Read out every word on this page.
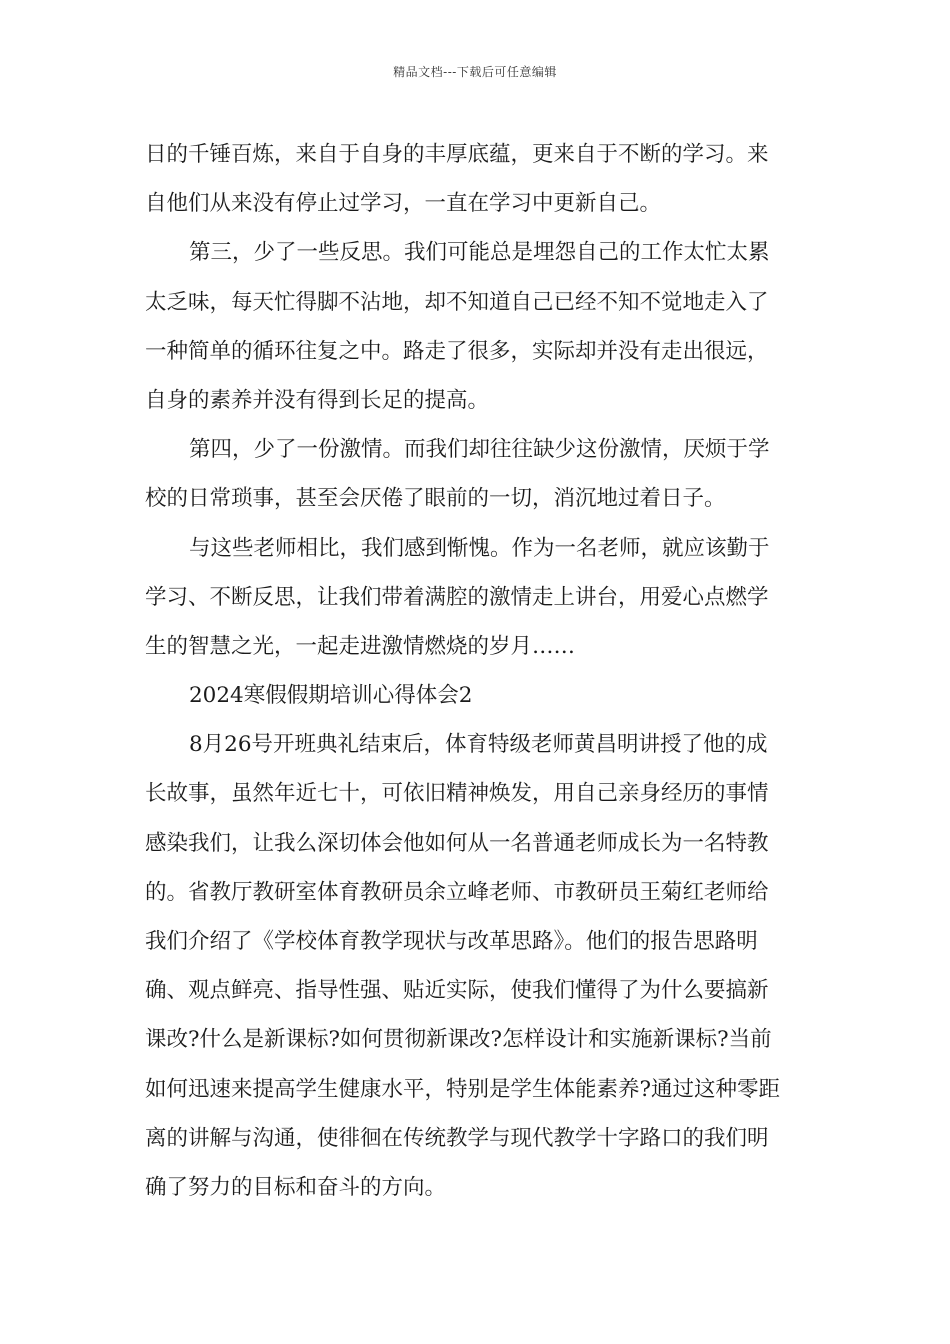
精品文档---下载后可任意编辑
日的千锤百炼，来自于自身的丰厚底蕴，更来自于不断的学习。来
自他们从来没有停止过学习，一直在学习中更新自己。
第三，少了一些反思。我们可能总是埋怨自己的工作太忙太累
太乏味，每天忙得脚不沾地，却不知道自己已经不知不觉地走入了
一种简单的循环往复之中。路走了很多，实际却并没有走出很远，
自身的素养并没有得到长足的提高。
第四，少了一份激情。而我们却往往缺少这份激情，厌烦于学
校的日常琐事，甚至会厌倦了眼前的一切，消沉地过着日子。
与这些老师相比，我们感到惭愧。作为一名老师，就应该勤于
学习、不断反思，让我们带着满腔的激情走上讲台，用爱心点燃学
生的智慧之光，一起走进激情燃烧的岁月……
2024寒假假期培训心得体会2
8月26号开班典礼结束后，体育特级老师黄昌明讲授了他的成
长故事，虽然年近七十，可依旧精神焕发，用自己亲身经历的事情
感染我们，让我么深切体会他如何从一名普通老师成长为一名特教
的。省教厅教研室体育教研员余立峰老师、市教研员王菊红老师给
我们介绍了《学校体育教学现状与改革思路》。他们的报告思路明
确、观点鲜亮、指导性强、贴近实际，使我们懂得了为什么要搞新
课改?什么是新课标?如何贯彻新课改?怎样设计和实施新课标?当前
如何迅速来提高学生健康水平，特别是学生体能素养?通过这种零距
离的讲解与沟通，使徘徊在传统教学与现代教学十字路口的我们明
确了努力的目标和奋斗的方向。
